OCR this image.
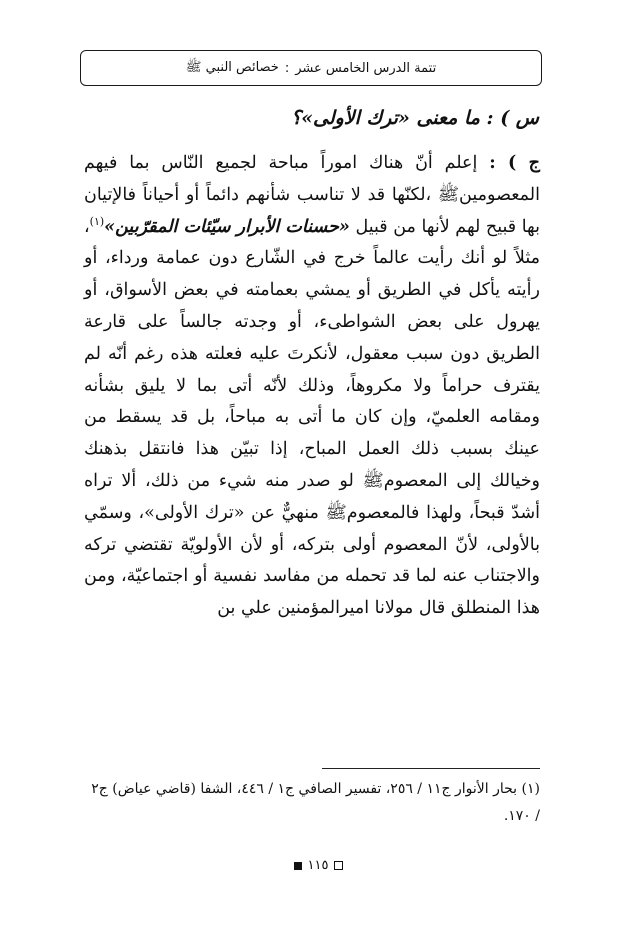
تتمة الدرس الخامس عشر
:
خصائص النبي ﷺ
س ) : ما معنى «ترك الأولى»؟
ج ) : إعلم أنّ هناك اموراً مباحة لجميع النّاس بما فيهم المعصومينﷺ ،لكنّها قد لا تناسب شأنهم دائماً أو أحياناً فالإتيان بها قبيح لهم لأنها من قبيل «حسنات الأبرار سيّئات المقرّبين»$^{(١)}$، مثلاً لو أنك رأيت عالماً خرج في الشّارع دون عمامة ورداء، أو رأيته يأكل في الطريق أو يمشي بعمامته في بعض الأسواق، أو يهرول على بعض الشواطىء، أو وجدته جالساً على قارعة الطريق دون سبب معقول، لأنكرتَ عليه فعلته هذه رغم أنّه لم يقترف حراماً ولا مكروهاً، وذلك لأنّه أتى بما لا يليق بشأنه ومقامه العلميّ، وإن كان ما أتى به مباحاً، بل قد يسقط من عينك بسبب ذلك العمل المباح، إذا تبيّن هذا فانتقل بذهنك وخيالك إلى المعصومﷺ لو صدر منه شيء من ذلك، ألا تراه أشدّ قبحاً، ولهذا فالمعصومﷺ منهيٌّ عن «ترك الأولى»، وسمّي بالأولى، لأنّ المعصوم أولى بتركه، أو لأن الأولويّة تقتضي تركه والاجتناب عنه لما قد تحمله من مفاسد نفسية أو اجتماعيّة، ومن هذا المنطلق قال مولانا اميرالمؤمنين علي بن
(١) بحار الأنوار ج١١ / ٢٥٦، تفسير الصافي ج١ / ٤٤٦، الشفا (قاضي عياض) ج٢ / ١٧٠.
١١٥
